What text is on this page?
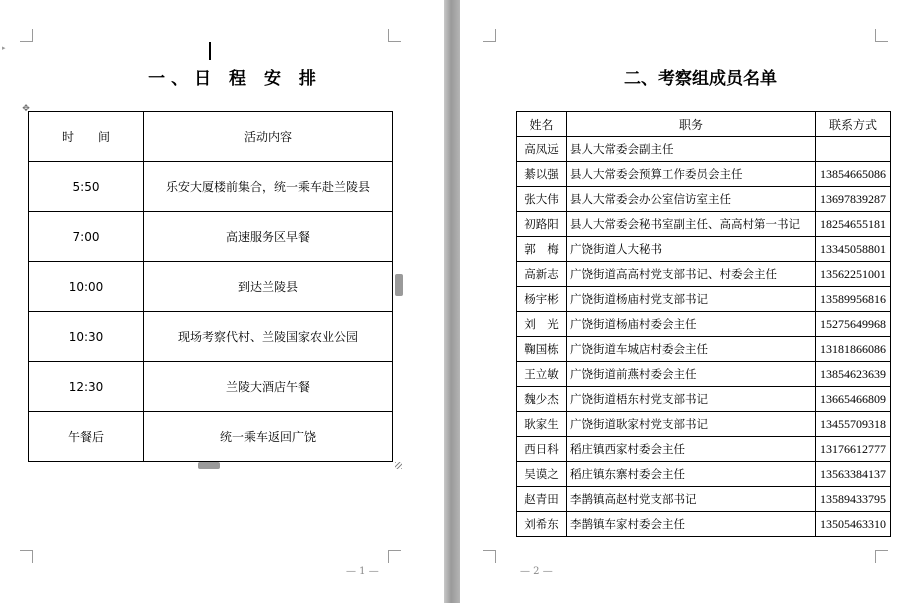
▸
一、日 程 安 排
✥
时　　间	活动内容
5:50	乐安大厦楼前集合，统一乘车赴兰陵县
7:00	高速服务区早餐
10:00	到达兰陵县
10:30	现场考察代村、兰陵国家农业公园
12:30	兰陵大酒店午餐
午餐后	统一乘车返回广饶
— 1 —
二、考察组成员名单
姓名	职务	联系方式
高凤远	县人大常委会副主任	
綦以强	县人大常委会预算工作委员会主任	13854665086
张大伟	县人大常委会办公室信访室主任	13697839287
初路阳	县人大常委会秘书室副主任、高高村第一书记	18254655181
郭　梅	广饶街道人大秘书	13345058801
高新志	广饶街道高高村党支部书记、村委会主任	13562251001
杨宇彬	广饶街道杨庙村党支部书记	13589956816
刘　光	广饶街道杨庙村委会主任	15275649968
鞠国栋	广饶街道车城店村委会主任	13181866086
王立敏	广饶街道前燕村委会主任	13854623639
魏少杰	广饶街道梧东村党支部书记	13665466809
耿家生	广饶街道耿家村党支部书记	13455709318
西日科	稻庄镇西家村委会主任	13176612777
吴谟之	稻庄镇东寨村委会主任	13563384137
赵青田	李鹊镇高赵村党支部书记	13589433795
刘希东	李鹊镇车家村委会主任	13505463310
— 2 —
